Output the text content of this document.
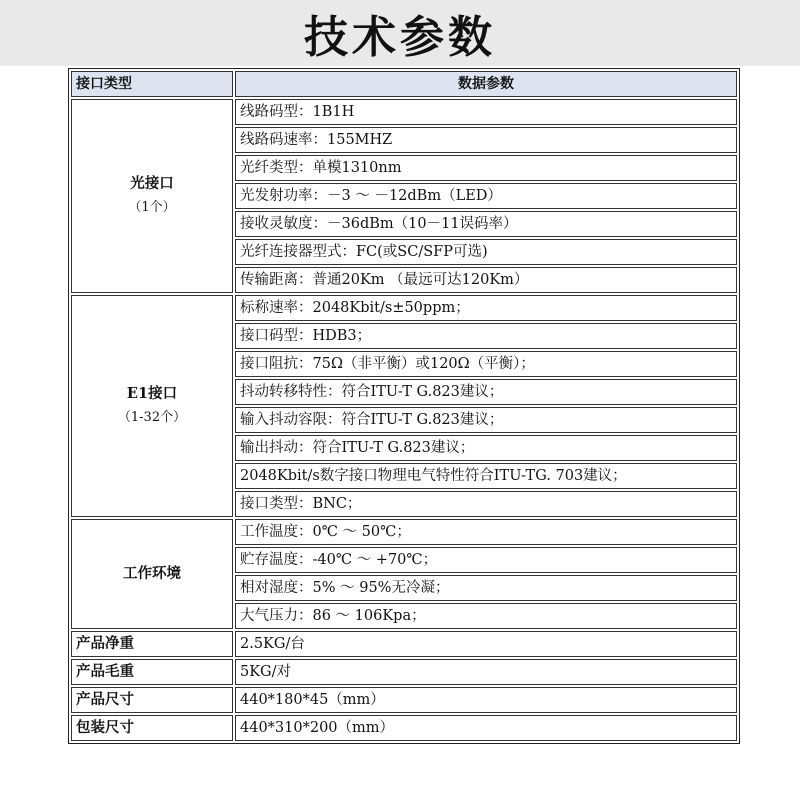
技术参数
接口类型	数据参数
光接口
（1个）	线路码型：1B1H
	线路码速率：155MHZ
	光纤类型：单模1310nm
	光发射功率：－3 ～ －12dBm（LED）
	接收灵敏度：－36dBm（10－11误码率）
	光纤连接器型式：FC(或SC/SFP可选)
	传输距离：普通20Km （最远可达120Km）
E1接口
（1-32个）	标称速率：2048Kbit/s±50ppm；
	接口码型：HDB3；
	接口阻抗：75Ω（非平衡）或120Ω（平衡）；
	抖动转移特性：符合ITU-T G.823建议；
	输入抖动容限：符合ITU-T G.823建议；
	输出抖动：符合ITU-T G.823建议；
	2048Kbit/s数字接口物理电气特性符合ITU-TG. 703建议；
	接口类型：BNC；
工作环境	工作温度：0℃ ～ 50℃；
	贮存温度：-40℃ ～ +70℃；
	相对湿度：5% ～ 95%无冷凝；
	大气压力：86 ～ 106Kpa；
产品净重	2.5KG/台
产品毛重	5KG/对
产品尺寸	440*180*45（mm）
包装尺寸	440*310*200（mm）
